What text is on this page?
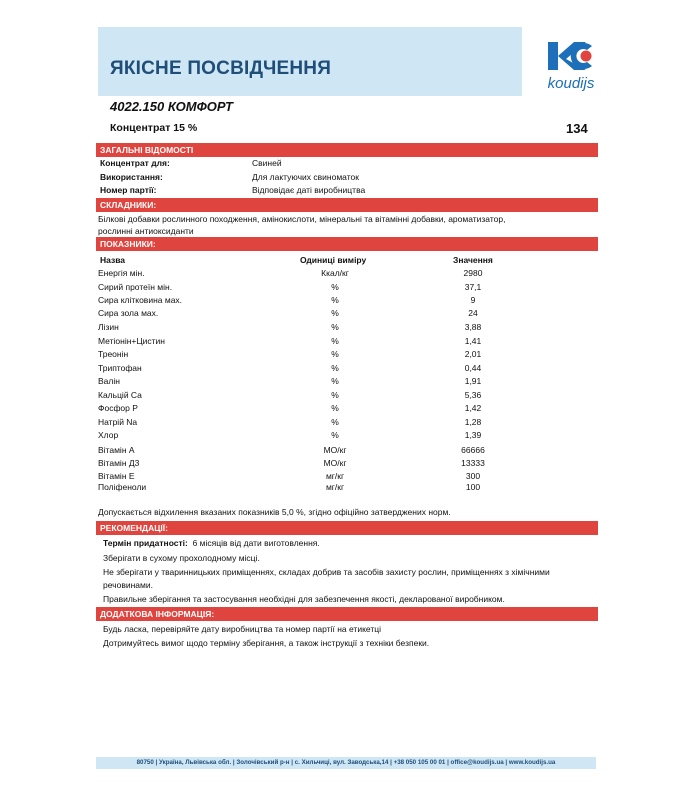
ЯКІСНЕ ПОСВІДЧЕННЯ
koudijs
4022.150 КОМФОРТ
Концентрат 15 %	134
ЗАГАЛЬНІ ВІДОМОСТІ
Концентрат для:	Свиней
Використання:	Для лактуючих свиноматок
Номер партії:	Відповідає даті виробництва
СКЛАДНИКИ:
Білкові добавки рослинного походження, амінокислоти, мінеральні та вітамінні добавки, ароматизатор,
рослинні антиоксиданти
ПОКАЗНИКИ:
Назва	Одиниці виміру	Значення
Енергія мін.	Ккал/кг	2980
Сирий протеїн мін.	%	37,1
Сира клітковина мах.	%	9
Сира зола мах.	%	24
Лізин	%	3,88
Метіонін+Цистин	%	1,41
Треонін	%	2,01
Триптофан	%	0,44
Валін	%	1,91
Кальцій Са	%	5,36
Фосфор Р	%	1,42
Натрій Na	%	1,28
Хлор	%	1,39
Вітамін А	МО/кг	66666
Вітамін Д3	МО/кг	13333
Вітамін Е	мг/кг	300
Поліфеноли	мг/кг	100
Допускається відхилення вказаних показників 5,0 %, згідно офіційно затверджених норм.
РЕКОМЕНДАЦІЇ:
Термін придатності: 6 місяців від дати виготовлення.
Зберігати в сухому прохолодному місці.
Не зберігати у тваринницьких приміщеннях, складах добрив та засобів захисту рослин, приміщеннях з хімічними
речовинами.
Правильне зберігання та застосування необхідні для забезпечення якості, декларованої виробником.
ДОДАТКОВА ІНФОРМАЦІЯ:
Будь ласка, перевіряйте дату виробництва та номер партії на етикетці
Дотримуйтесь вимог щодо терміну зберігання, а також інструкції з техніки безпеки.
80750 | Україна, Львівська обл. | Золочівський р-н | с. Хильчиці, вул. Заводська,14 | +38 050 105 00 01 | office@koudijs.ua | www.koudijs.ua
